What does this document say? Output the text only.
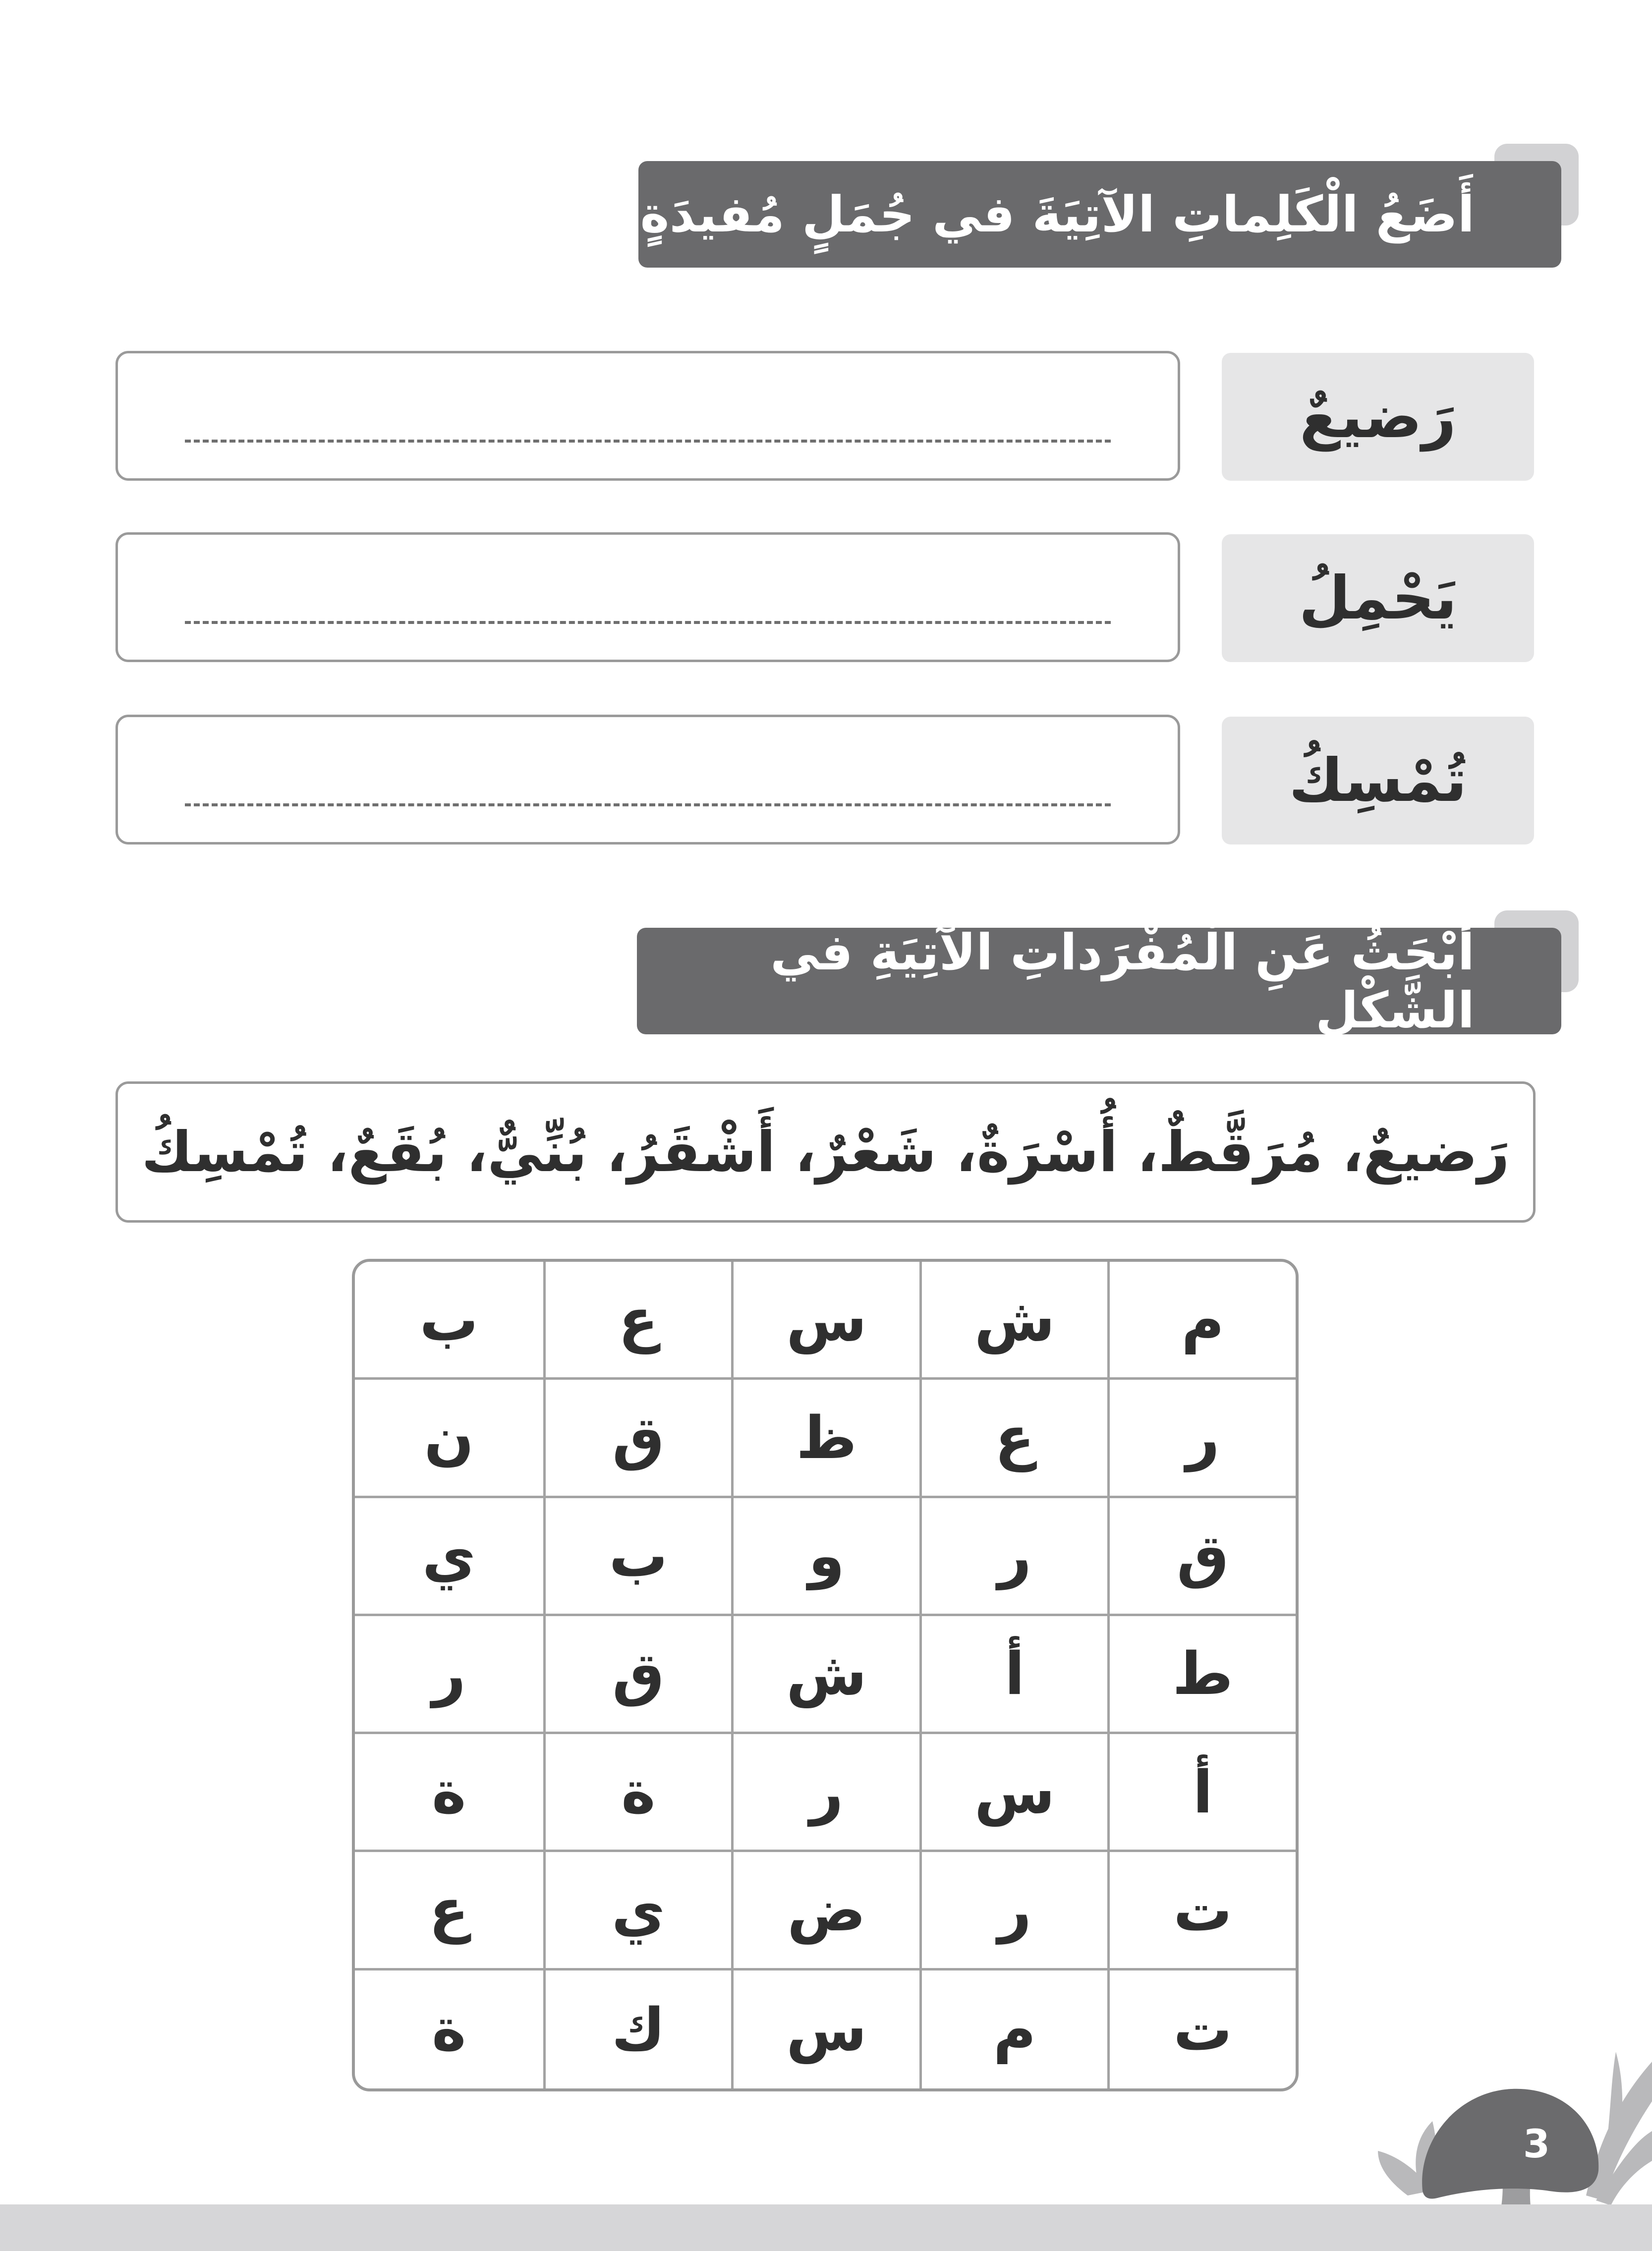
أَضَعُ الْكَلِماتِ الآتِيَةَ في جُمَلٍ مُفيدَةٍ
رَضيعٌ
يَحْمِلُ
تُمْسِكُ
أَبْحَثُ عَنِ الْمُفْرَداتِ الآتِيَةِ في الشَّكْلِ
رَضيعٌ، مُرَقَّطٌ، أُسْرَةٌ، شَعْرٌ، أَشْقَرُ، بُنِّيٌّ، بُقَعٌ، تُمْسِكُ
م
ش
س
ع
ب
ر
ع
ظ
ق
ن
ق
ر
و
ب
ي
ط
أ
ش
ق
ر
أ
س
ر
ة
ة
ت
ر
ض
ي
ع
ت
م
س
ك
ة
3
